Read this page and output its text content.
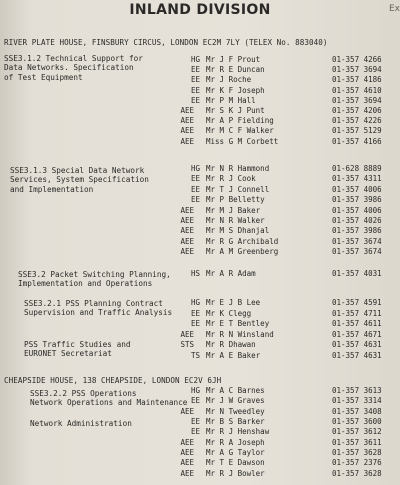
INLAND DIVISION	Ex
RIVER PLATE HOUSE, FINSBURY CIRCUS, LONDON EC2M 7LY (TELEX No. 883040)
CHEAPSIDE HOUSE, 138 CHEAPSIDE, LONDON EC2V 6JH
SSE3.1.2 Technical Support for
Data Networks. Specification
of Test Equipment
HG Mr J F Prout	01-357 4266
EE Mr R E Duncan	01-357 3694
EE Mr J Roche	01-357 4186
EE Mr K F Joseph	01-357 4610
EE Mr P M Hall	01-357 3694
AEE Mr S K J Punt	01-357 4206
AEE Mr A P Fielding	01-357 4226
AEE Mr M C F Walker	01-357 5129
AEE Miss G M Corbett	01-357 4166
SSE3.1.3 Special Data Network
Services, System Specification
and Implementation
HG Mr N R Hammond	01-628 8889
EE Mr R J Cook	01-357 4311
EE Mr T J Connell	01-357 4006
EE Mr P Belletty	01-357 3986
AEE Mr M J Baker	01-357 4006
AEE Mr N R Walker	01-357 4026
AEE Mr M S Dhanjal	01-357 3986
AEE Mr R G Archibald	01-357 3674
AEE Mr A M Greenberg	01-357 3674
SSE3.2 Packet Switching Planning,
Implementation and Operations
HS Mr A R Adam	01-357 4031
SSE3.2.1 PSS Planning Contract
Supervision and Traffic Analysis
HG Mr E J B Lee	01-357 4591
EE Mr K Clegg	01-357 4711
EE Mr E T Bentley	01-357 4611
AEE Mr R N Winsland	01-357 4671
PSS Traffic Studies and
EURONET Secretariat
STS Mr R Dhawan	01-357 4631
TS Mr A E Baker	01-357 4631
SSE3.2.2 PSS Operations
Network Operations and Maintenance
HG Mr A C Barnes	01-357 3613
EE Mr J W Graves	01-357 3314
AEE Mr N Tweedley	01-357 3408
Network Administration	EE Mr B S Barker	01-357 3600
EE Mr R J Henshaw	01-357 3612
AEE Mr R A Joseph	01-357 3611
AEE Mr A G Taylor	01-357 3628
AEE Mr T E Dawson	01-357 2376
AEE Mr R J Bowler	01-357 3628
